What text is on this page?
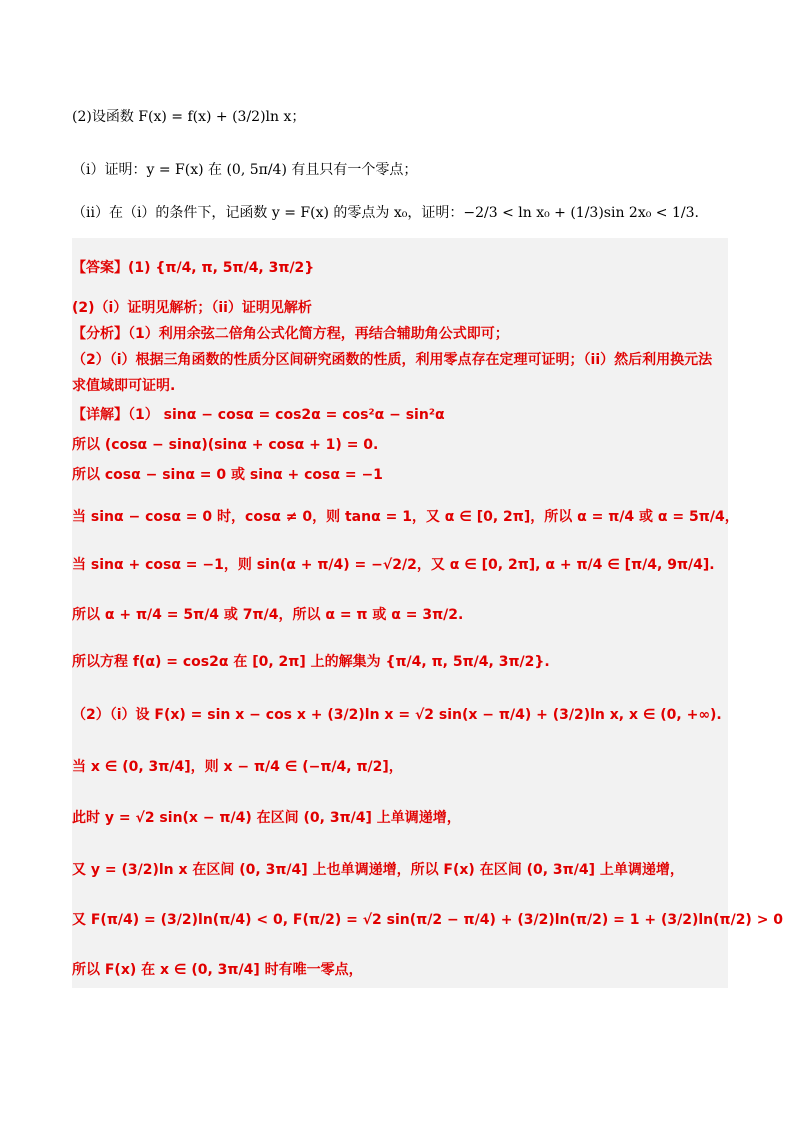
(2)设函数 F(x) = f(x) + (3/2)ln x；
（i）证明：y = F(x) 在 (0, 5π/4) 有且只有一个零点；
（ii）在（i）的条件下，记函数 y = F(x) 的零点为 x₀，证明：−2/3 < ln x₀ + (1/3)sin 2x₀ < 1/3.
【答案】(1) {π/4, π, 5π/4, 3π/2}
(2)（i）证明见解析；（ii）证明见解析
【分析】（1）利用余弦二倍角公式化简方程，再结合辅助角公式即可；
（2）（i）根据三角函数的性质分区间研究函数的性质，利用零点存在定理可证明；（ii）然后利用换元法
求值域即可证明.
【详解】（1） sinα − cosα = cos2α = cos²α − sin²α
所以 (cosα − sinα)(sinα + cosα + 1) = 0.
所以 cosα − sinα = 0 或 sinα + cosα = −1
当 sinα − cosα = 0 时，cosα ≠ 0，则 tanα = 1，又 α ∈ [0, 2π]，所以 α = π/4 或 α = 5π/4，
当 sinα + cosα = −1，则 sin(α + π/4) = −√2/2，又 α ∈ [0, 2π], α + π/4 ∈ [π/4, 9π/4].
所以 α + π/4 = 5π/4 或 7π/4，所以 α = π 或 α = 3π/2.
所以方程 f(α) = cos2α 在 [0, 2π] 上的解集为 {π/4, π, 5π/4, 3π/2}.
（2）（i）设 F(x) = sin x − cos x + (3/2)ln x = √2 sin(x − π/4) + (3/2)ln x, x ∈ (0, +∞).
当 x ∈ (0, 3π/4]，则 x − π/4 ∈ (−π/4, π/2]，
此时 y = √2 sin(x − π/4) 在区间 (0, 3π/4] 上单调递增，
又 y = (3/2)ln x 在区间 (0, 3π/4] 上也单调递增，所以 F(x) 在区间 (0, 3π/4] 上单调递增，
又 F(π/4) = (3/2)ln(π/4) < 0, F(π/2) = √2 sin(π/2 − π/4) + (3/2)ln(π/2) = 1 + (3/2)ln(π/2) > 0
所以 F(x) 在 x ∈ (0, 3π/4] 时有唯一零点，
